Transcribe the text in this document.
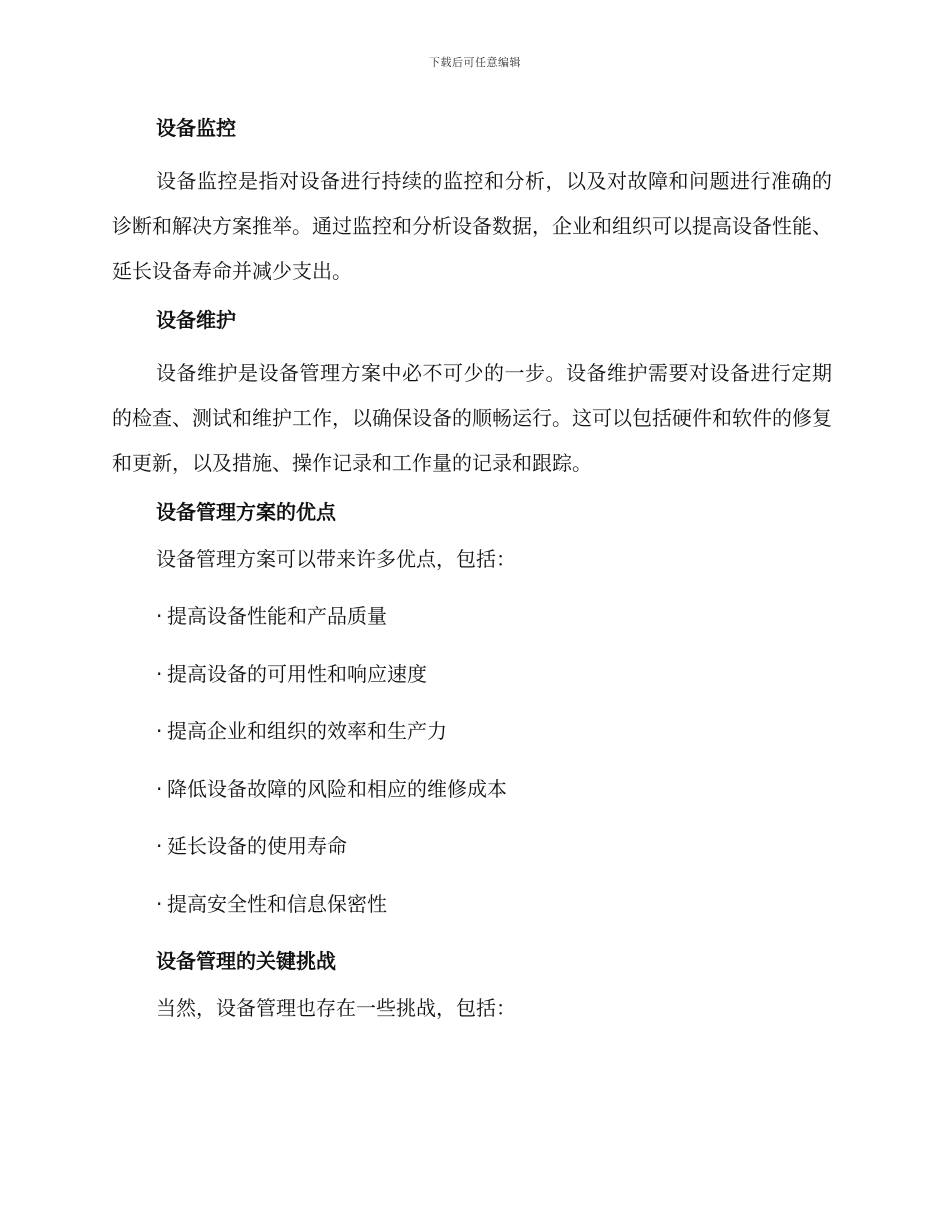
下载后可任意编辑
设备监控

设备监控是指对设备进行持续的监控和分析，以及对故障和问题进行准确的诊断和解决方案推举。通过监控和分析设备数据，企业和组织可以提高设备性能、延长设备寿命并减少支出。

设备维护

设备维护是设备管理方案中必不可少的一步。设备维护需要对设备进行定期的检查、测试和维护工作，以确保设备的顺畅运行。这可以包括硬件和软件的修复和更新，以及措施、操作记录和工作量的记录和跟踪。

设备管理方案的优点
设备管理方案可以带来许多优点，包括：
· 提高设备性能和产品质量
· 提高设备的可用性和响应速度
· 提高企业和组织的效率和生产力
· 降低设备故障的风险和相应的维修成本
· 延长设备的使用寿命
· 提高安全性和信息保密性
设备管理的关键挑战
当然，设备管理也存在一些挑战，包括：
